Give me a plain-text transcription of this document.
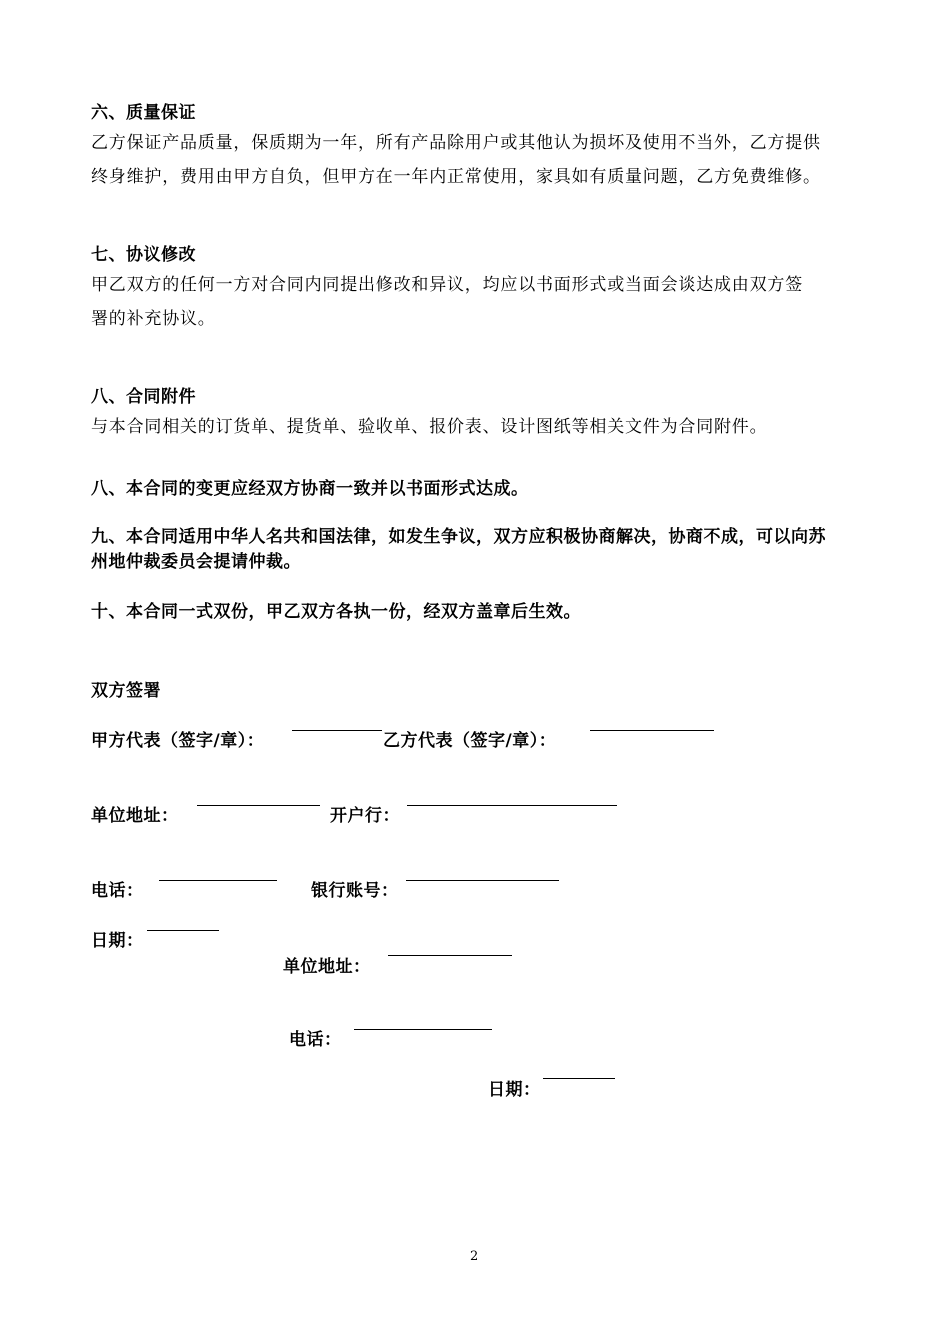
六、质量保证
乙方保证产品质量，保质期为一年，所有产品除用户或其他认为损坏及使用不当外，乙方提供
终身维护，费用由甲方自负，但甲方在一年内正常使用，家具如有质量问题，乙方免费维修。
七、协议修改
甲乙双方的任何一方对合同内同提出修改和异议，均应以书面形式或当面会谈达成由双方签
署的补充协议。
八、合同附件
与本合同相关的订货单、提货单、验收单、报价表、设计图纸等相关文件为合同附件。
八、本合同的变更应经双方协商一致并以书面形式达成。
九、本合同适用中华人名共和国法律，如发生争议，双方应积极协商解决，协商不成，可以向苏
州地仲裁委员会提请仲裁。
十、本合同一式双份，甲乙双方各执一份，经双方盖章后生效。
双方签署
甲方代表（签字/章）：	乙方代表（签字/章）：
单位地址：	开户行：
电话：	银行账号：
日期：
单位地址：
电话：
日期：
2
